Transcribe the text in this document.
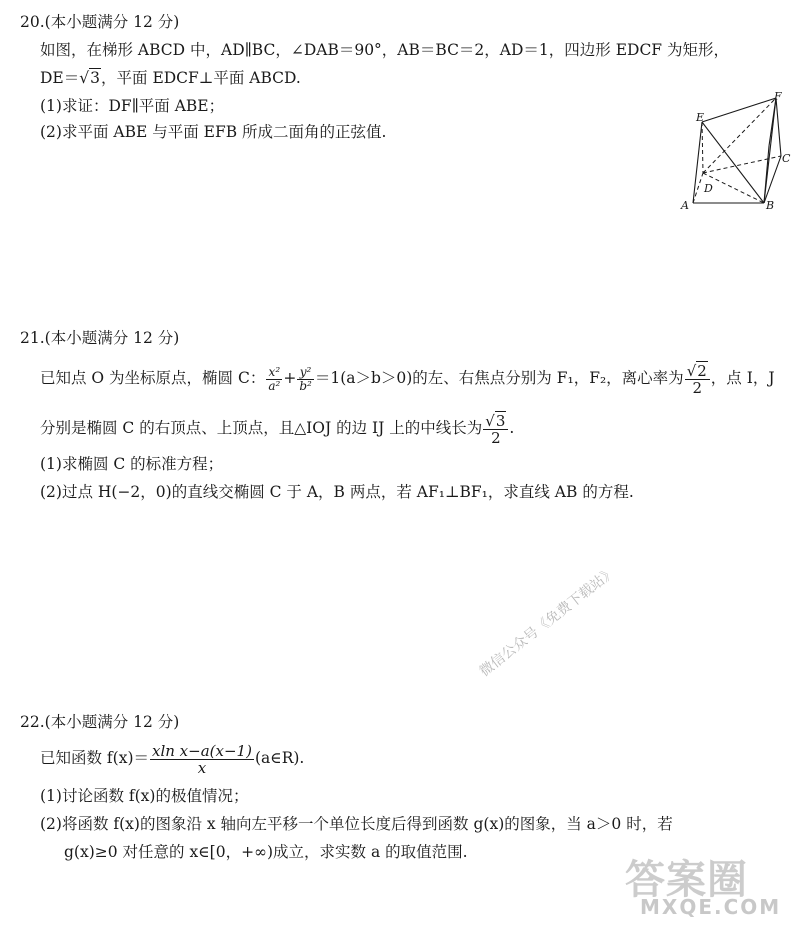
20.(本小题满分 12 分)
如图，在梯形 ABCD 中，AD∥BC，∠DAB＝90°，AB＝BC＝2，AD＝1，四边形 EDCF 为矩形，
DE＝√3，平面 EDCF⊥平面 ABCD.
(1)求证：DF∥平面 ABE；
(2)求平面 ABE 与平面 EFB 所成二面角的正弦值.
E
F
C
D
A	B
21.(本小题满分 12 分)
已知点 O 为坐标原点，椭圆 C： $\frac{\text{x²}}{\text{a²}} + \frac{\text{y²}}{\text{b²}} =1(a>b>0)$的左、右焦点分别为 F₁，F₂，离心率为 $\frac{√2}{2}$ ，点 I，J
分别是椭圆 C 的右顶点、上顶点，且△IOJ 的边 IJ 上的中线长为 $\frac{√3}{2}$ .
(1)求椭圆 C 的标准方程；
(2)过点 H(−2，0)的直线交椭圆 C 于 A，B 两点，若 AF₁⊥BF₁，求直线 AB 的方程.
微信公众号《免费下载站》
22.(本小题满分 12 分)
已知函数 $f(x)= \frac{\text{xln x−a(x−1)}}{x}$ (a∈R).
(1)讨论函数 f(x)的极值情况；
(2)将函数 f(x)的图象沿 x 轴向左平移一个单位长度后得到函数 g(x)的图象，当 a＞0 时，若
g(x)≥0 对任意的 x∈[0，+∞)成立，求实数 a 的取值范围.
答案圈
MXQE.COM
